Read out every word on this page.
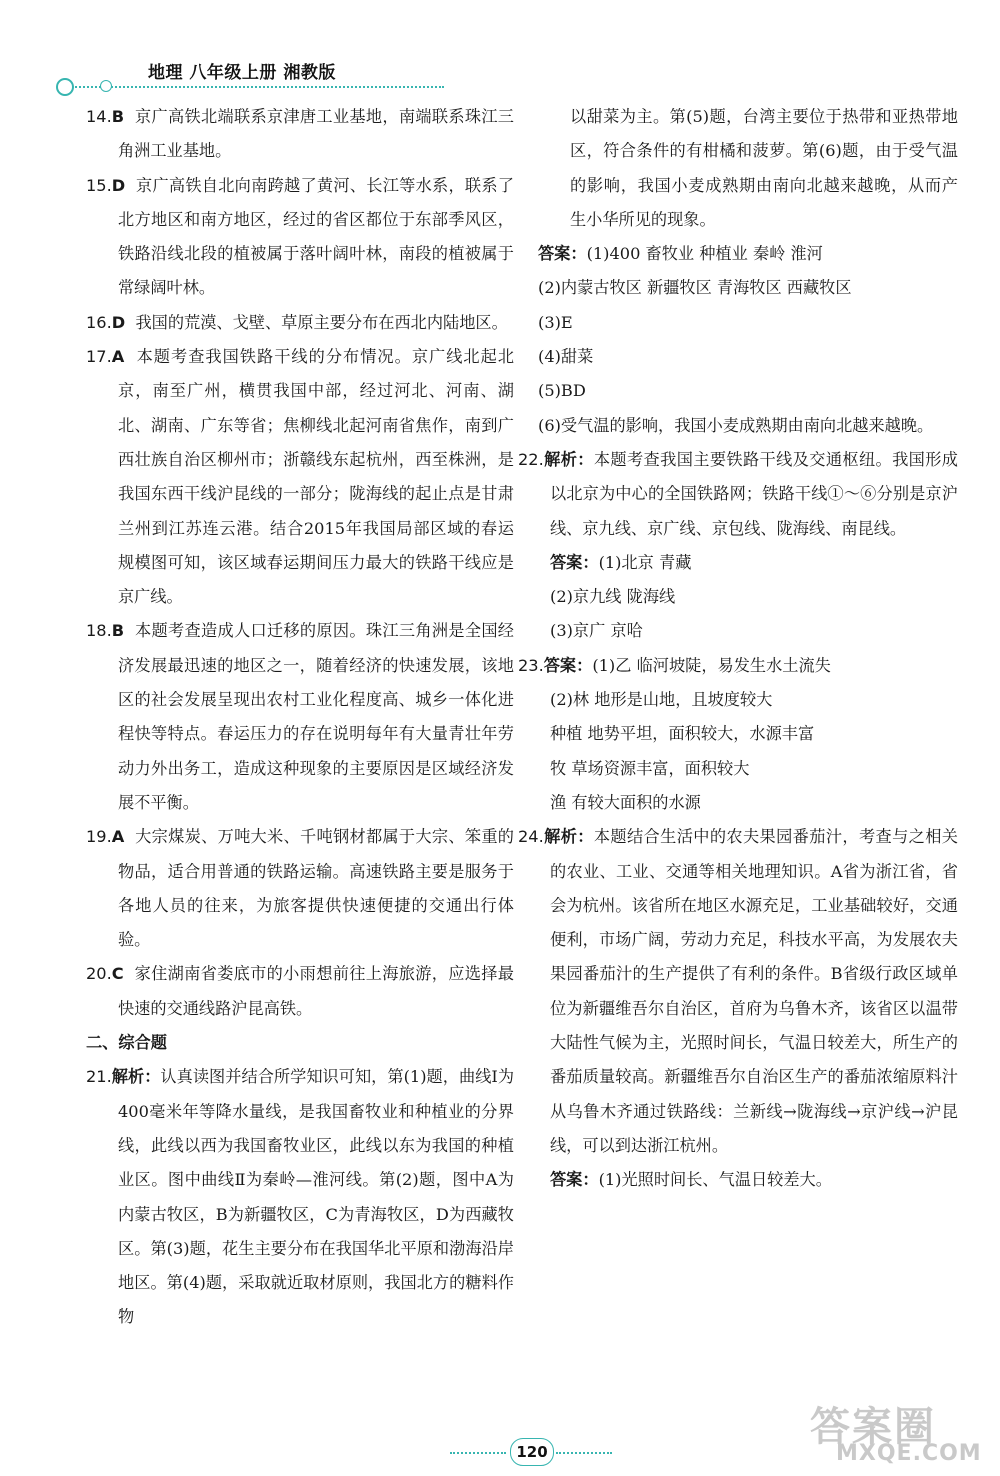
地理 八年级上册 湘教版
14.B 京广高铁北端联系京津唐工业基地，南端联系珠江三角洲工业基地。
15.D 京广高铁自北向南跨越了黄河、长江等水系，联系了北方地区和南方地区，经过的省区都位于东部季风区，铁路沿线北段的植被属于落叶阔叶林，南段的植被属于常绿阔叶林。
16.D 我国的荒漠、戈壁、草原主要分布在西北内陆地区。
17.A 本题考查我国铁路干线的分布情况。京广线北起北京，南至广州，横贯我国中部，经过河北、河南、湖北、湖南、广东等省；焦柳线北起河南省焦作，南到广西壮族自治区柳州市；浙赣线东起杭州，西至株洲，是我国东西干线沪昆线的一部分；陇海线的起止点是甘肃兰州到江苏连云港。结合2015年我国局部区域的春运规模图可知，该区域春运期间压力最大的铁路干线应是京广线。
18.B 本题考查造成人口迁移的原因。珠江三角洲是全国经济发展最迅速的地区之一，随着经济的快速发展，该地区的社会发展呈现出农村工业化程度高、城乡一体化进程快等特点。春运压力的存在说明每年有大量青壮年劳动力外出务工，造成这种现象的主要原因是区域经济发展不平衡。
19.A 大宗煤炭、万吨大米、千吨钢材都属于大宗、笨重的物品，适合用普通的铁路运输。高速铁路主要是服务于各地人员的往来，为旅客提供快速便捷的交通出行体验。
20.C 家住湖南省娄底市的小雨想前往上海旅游，应选择最快速的交通线路沪昆高铁。
二、综合题
21.解析：认真读图并结合所学知识可知，第(1)题，曲线Ⅰ为400毫米年等降水量线，是我国畜牧业和种植业的分界线，此线以西为我国畜牧业区，此线以东为我国的种植业区。图中曲线Ⅱ为秦岭—淮河线。第(2)题，图中A为内蒙古牧区，B为新疆牧区，C为青海牧区，D为西藏牧区。第(3)题，花生主要分布在我国华北平原和渤海沿岸地区。第(4)题，采取就近取材原则，我国北方的糖料作物
以甜菜为主。第(5)题，台湾主要位于热带和亚热带地区，符合条件的有柑橘和菠萝。第(6)题，由于受气温的影响，我国小麦成熟期由南向北越来越晚，从而产生小华所见的现象。
答案：(1)400 畜牧业 种植业 秦岭 淮河
(2)内蒙古牧区 新疆牧区 青海牧区 西藏牧区
(3)E
(4)甜菜
(5)BD
(6)受气温的影响，我国小麦成熟期由南向北越来越晚。
22.解析：本题考查我国主要铁路干线及交通枢纽。我国形成以北京为中心的全国铁路网；铁路干线①～⑥分别是京沪线、京九线、京广线、京包线、陇海线、南昆线。
答案：(1)北京 青藏
(2)京九线 陇海线
(3)京广 京哈
23.答案：(1)乙 临河坡陡，易发生水土流失
(2)林 地形是山地，且坡度较大
种植 地势平坦，面积较大，水源丰富
牧 草场资源丰富，面积较大
渔 有较大面积的水源
24.解析：本题结合生活中的农夫果园番茄汁，考查与之相关的农业、工业、交通等相关地理知识。A省为浙江省，省会为杭州。该省所在地区水源充足，工业基础较好，交通便利，市场广阔，劳动力充足，科技水平高，为发展农夫果园番茄汁的生产提供了有利的条件。B省级行政区域单位为新疆维吾尔自治区，首府为乌鲁木齐，该省区以温带大陆性气候为主，光照时间长，气温日较差大，所生产的番茄质量较高。新疆维吾尔自治区生产的番茄浓缩原料汁从乌鲁木齐通过铁路线：兰新线→陇海线→京沪线→沪昆线，可以到达浙江杭州。
答案：(1)光照时间长、气温日较差大。
120
答案圈
MXQE.COM
